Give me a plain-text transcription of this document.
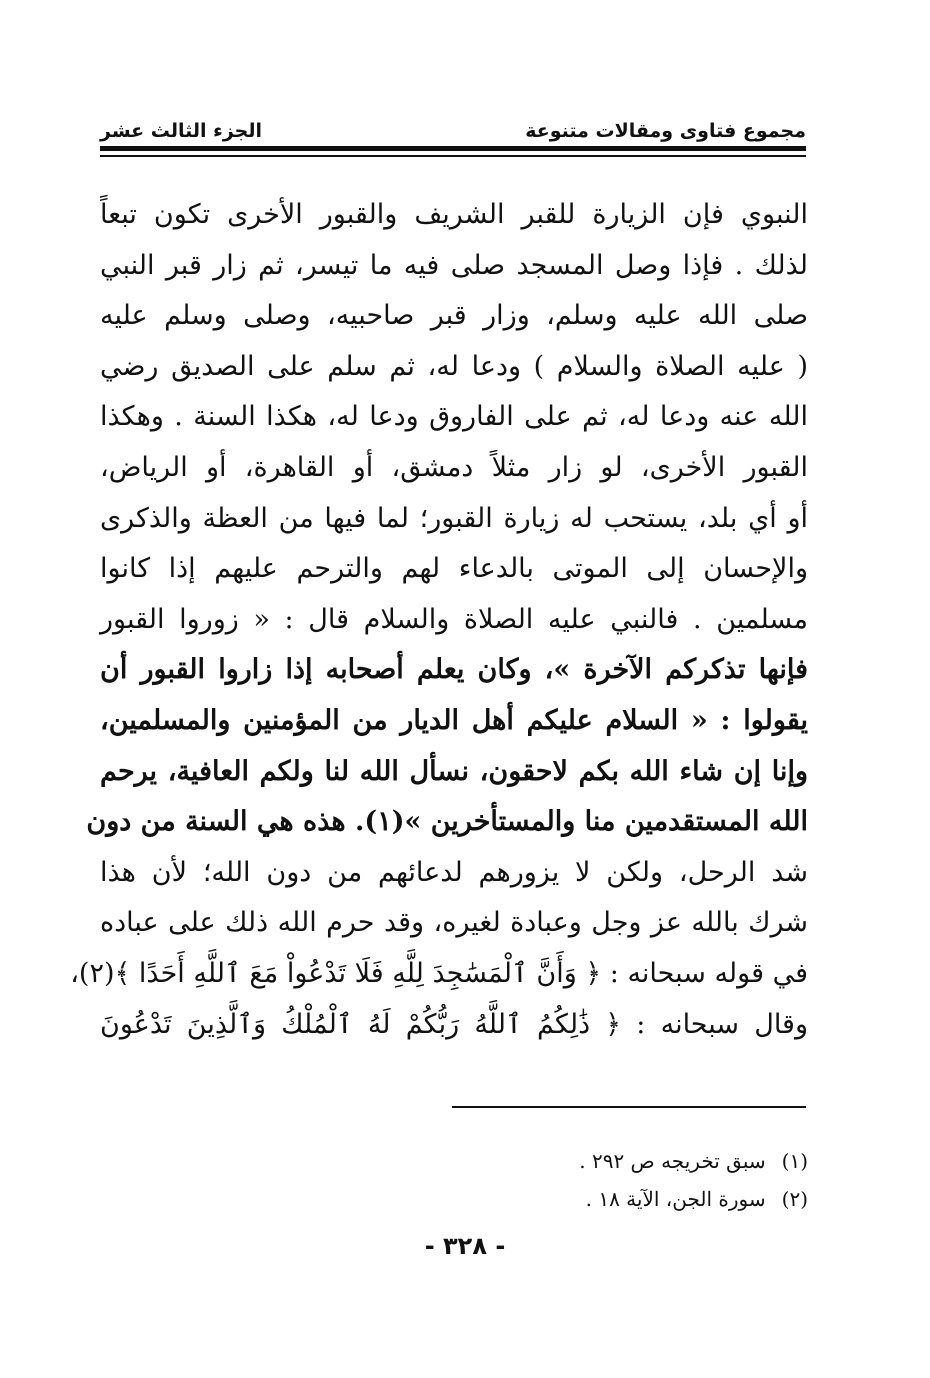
مجموع فتاوى ومقالات متنوعة
الجزء الثالث عشر
النبوي فإن الزيارة للقبر الشريف والقبور الأخرى تكون تبعاً
لذلك . فإذا وصل المسجد صلى فيه ما تيسر، ثم زار قبر النبي
صلى الله عليه وسلم، وزار قبر صاحبيه، وصلى وسلم عليه
( عليه الصلاة والسلام ) ودعا له، ثم سلم على الصديق رضي
الله عنه ودعا له، ثم على الفاروق ودعا له، هكذا السنة . وهكذا
القبور الأخرى، لو زار مثلاً دمشق، أو القاهرة، أو الرياض،
أو أي بلد، يستحب له زيارة القبور؛ لما فيها من العظة والذكرى
والإحسان إلى الموتى بالدعاء لهم والترحم عليهم إذا كانوا
مسلمين . فالنبي عليه الصلاة والسلام قال : « زوروا القبور
فإنها تذكركم الآخرة »، وكان يعلم أصحابه إذا زاروا القبور أن
يقولوا : « السلام عليكم أهل الديار من المؤمنين والمسلمين،
وإنا إن شاء الله بكم لاحقون، نسأل الله لنا ولكم العافية، يرحم
الله المستقدمين منا والمستأخرين »(١). هذه هي السنة من دون
شد الرحل، ولكن لا يزورهم لدعائهم من دون الله؛ لأن هذا
شرك بالله عز وجل وعبادة لغيره، وقد حرم الله ذلك على عباده
في قوله سبحانه : ﴿ وَأَنَّ ٱلْمَسَٰجِدَ لِلَّهِ فَلَا تَدْعُواْ مَعَ ٱللَّهِ أَحَدًا ﴾(٢)،
وقال سبحانه : ﴿ ذَٰلِكُمُ ٱللَّهُ رَبُّكُمْ لَهُ ٱلْمُلْكُ وَٱلَّذِينَ تَدْعُونَ
(١)
سبق تخريجه ص ٢٩٢ .
(٢)
سورة الجن، الآية ١٨ .
- ٣٢٨ -
